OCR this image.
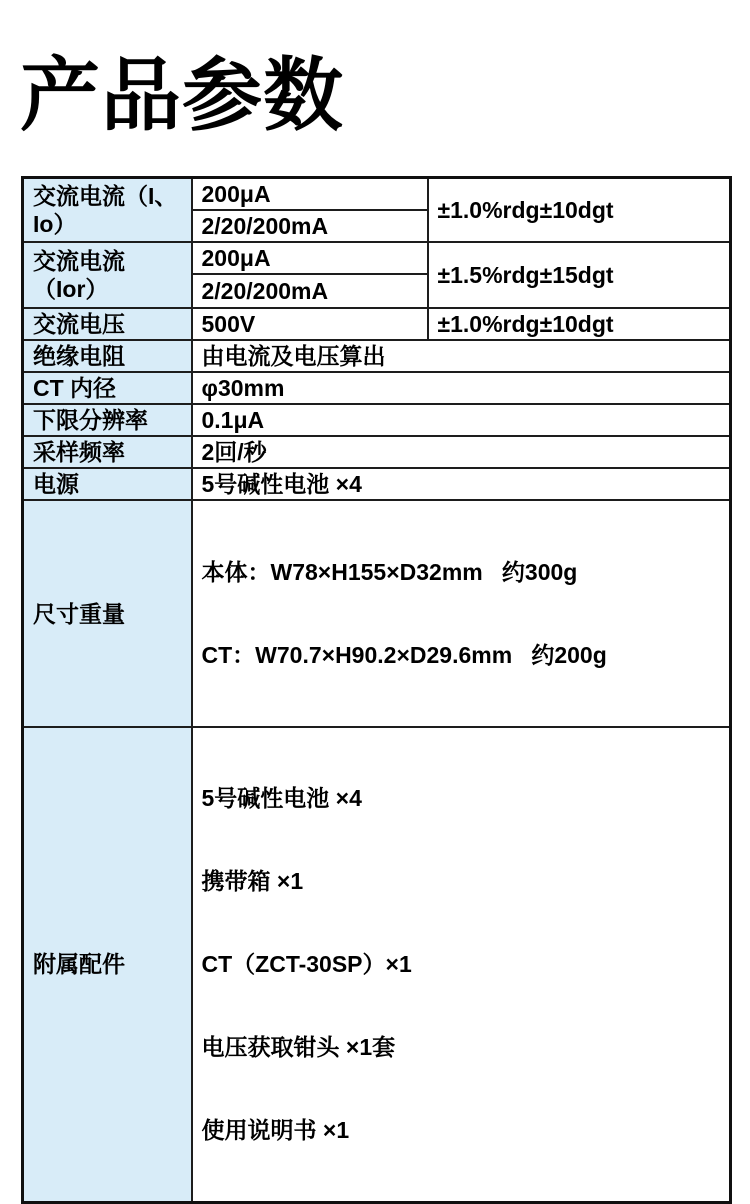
产品参数
交流电流（I、Io）	200μA	±1.0%rdg±10dgt
	2/20/200mA	
交流电流（Ior）	200μA	±1.5%rdg±15dgt
	2/20/200mA	
交流电压	500V	±1.0%rdg±10dgt
绝缘电阻	由电流及电压算出	
CT 内径	φ30mm	
下限分辨率	0.1μA	
采样频率	2回/秒	
电源	5号碱性电池 ×4	
尺寸重量	本体：W78×H155×D32mm   约300g

CT：W70.7×H90.2×D29.6mm   约200g	

附属配件	5号碱性电池 ×4

携带箱 ×1

CT（ZCT-30SP）×1

电压获取钳头 ×1套

使用说明书 ×1	
